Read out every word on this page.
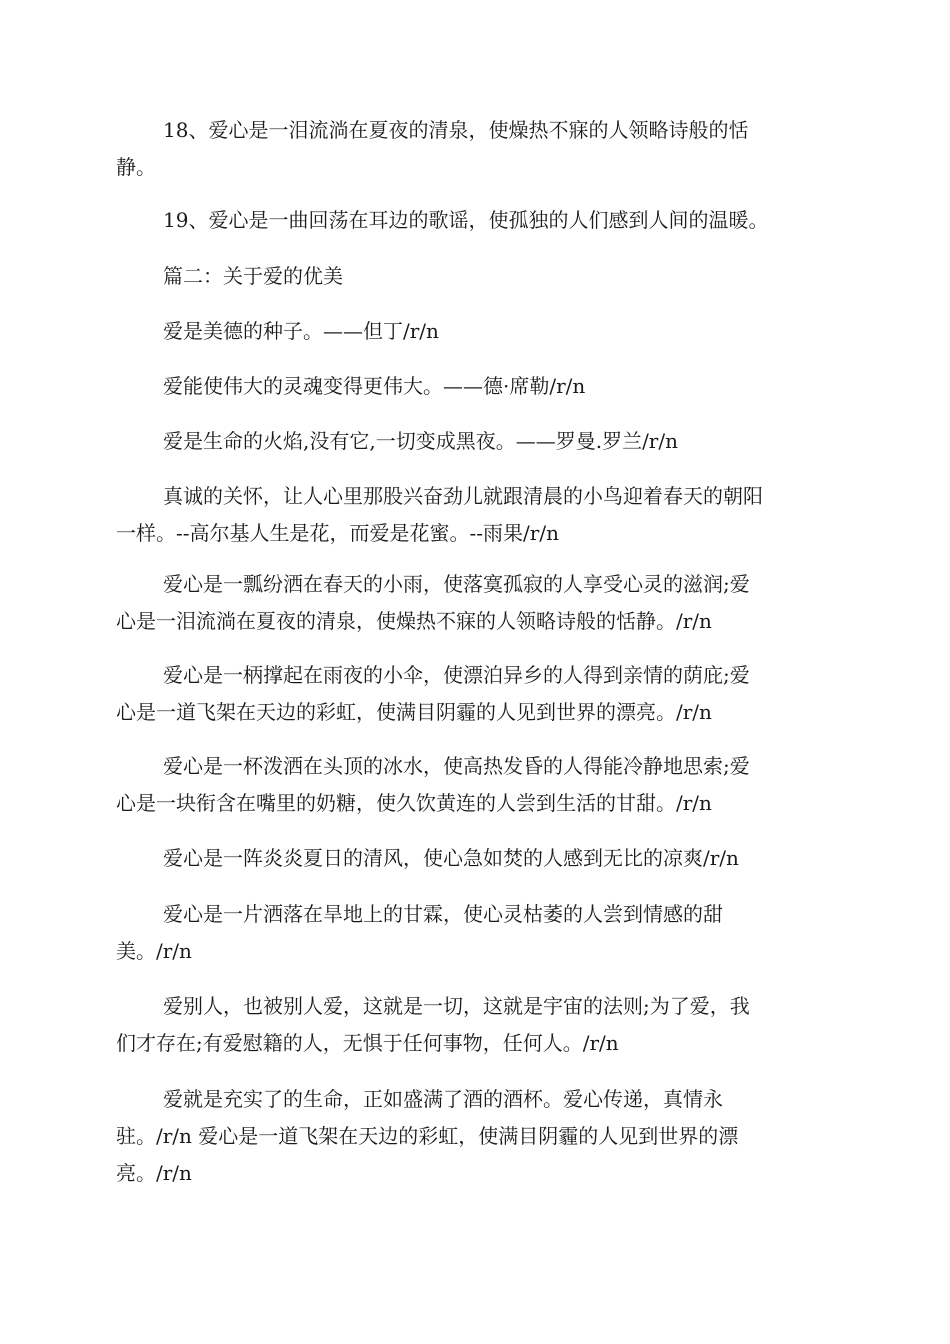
18、爱心是一泪流淌在夏夜的清泉，使燥热不寐的人领略诗般的恬
静。

19、爱心是一曲回荡在耳边的歌谣，使孤独的人们感到人间的温暖。

篇二：关于爱的优美

爱是美德的种子。——但丁/r/n

爱能使伟大的灵魂变得更伟大。——德·席勒/r/n

爱是生命的火焰,没有它,一切变成黑夜。——罗曼.罗兰/r/n

真诚的关怀，让人心里那股兴奋劲儿就跟清晨的小鸟迎着春天的朝阳
一样。--高尔基人生是花，而爱是花蜜。--雨果/r/n

爱心是一瓢纷洒在春天的小雨，使落寞孤寂的人享受心灵的滋润;爱
心是一泪流淌在夏夜的清泉，使燥热不寐的人领略诗般的恬静。/r/n

爱心是一柄撑起在雨夜的小伞，使漂泊异乡的人得到亲情的荫庇;爱
心是一道飞架在天边的彩虹，使满目阴霾的人见到世界的漂亮。/r/n

爱心是一杯泼洒在头顶的冰水，使高热发昏的人得能冷静地思索;爱
心是一块衔含在嘴里的奶糖，使久饮黄连的人尝到生活的甘甜。/r/n

爱心是一阵炎炎夏日的清风，使心急如焚的人感到无比的凉爽/r/n

爱心是一片洒落在旱地上的甘霖，使心灵枯萎的人尝到情感的甜
美。/r/n

爱别人，也被别人爱，这就是一切，这就是宇宙的法则;为了爱，我
们才存在;有爱慰籍的人，无惧于任何事物，任何人。/r/n

爱就是充实了的生命，正如盛满了酒的酒杯。爱心传递，真情永
驻。/r/n 爱心是一道飞架在天边的彩虹，使满目阴霾的人见到世界的漂
亮。/r/n
